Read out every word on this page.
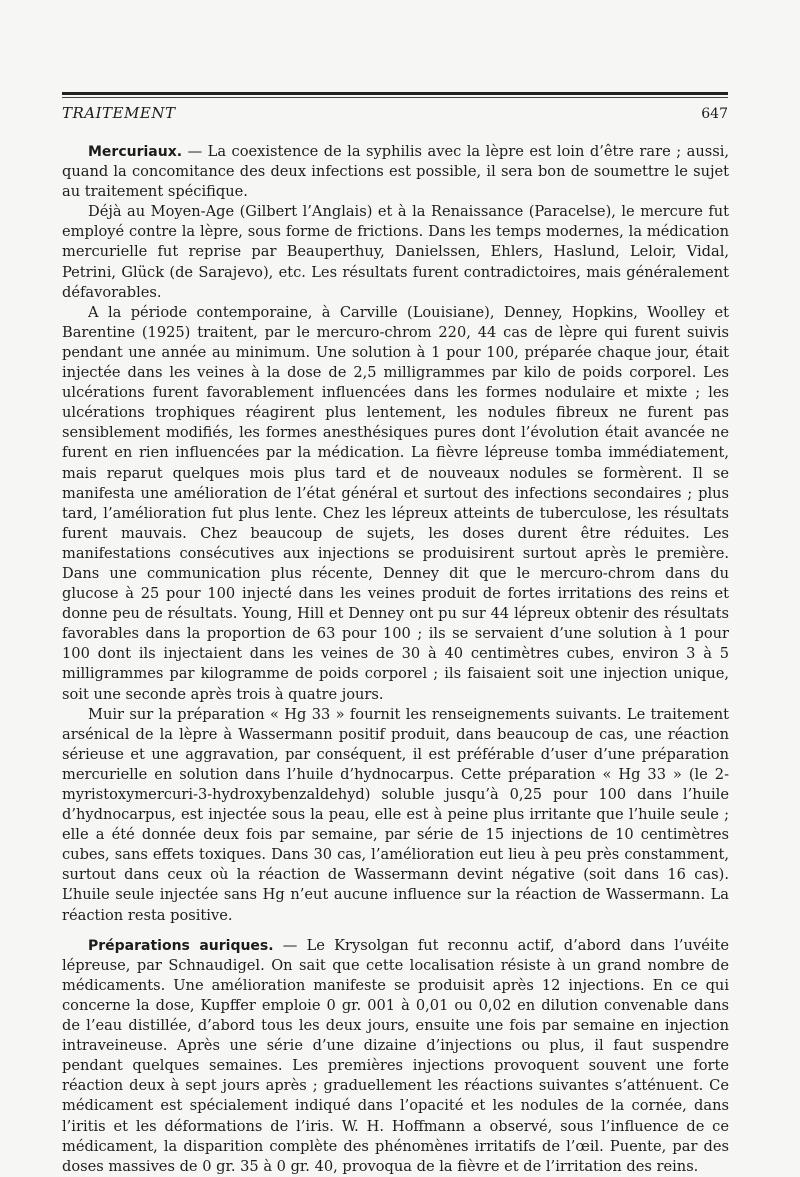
TRAITEMENT	647

Mercuriaux. — La coexistence de la syphilis avec la lèpre est loin d’être rare ; aussi, quand la concomitance des deux infections est possible, il sera bon de soumettre le sujet au traitement spécifique.

Déjà au Moyen-Age (Gilbert l’Anglais) et à la Renaissance (Paracelse), le mercure fut employé contre la lèpre, sous forme de frictions. Dans les temps modernes, la médication mercurielle fut reprise par Beauperthuy, Danielssen, Ehlers, Haslund, Leloir, Vidal, Petrini, Glück (de Sarajevo), etc. Les résultats furent contradictoires, mais généralement défavorables.

A la période contemporaine, à Carville (Louisiane), Denney, Hopkins, Woolley et Barentine (1925) traitent, par le mercuro-chrom 220, 44 cas de lèpre qui furent suivis pendant une année au minimum. Une solution à 1 pour 100, préparée chaque jour, était injectée dans les veines à la dose de 2,5 milligrammes par kilo de poids corporel. Les ulcérations furent favorablement influencées dans les formes nodulaire et mixte ; les ulcérations trophiques réagirent plus lentement, les nodules fibreux ne furent pas sensiblement modifiés, les formes anesthésiques pures dont l’évolution était avancée ne furent en rien influencées par la médication. La fièvre lépreuse tomba immédiatement, mais reparut quelques mois plus tard et de nouveaux nodules se formèrent. Il se manifesta une amélioration de l’état général et surtout des infections secondaires ; plus tard, l’amélioration fut plus lente. Chez les lépreux atteints de tuberculose, les résultats furent mauvais. Chez beaucoup de sujets, les doses durent être réduites. Les manifestations consécutives aux injections se produisirent surtout après le première. Dans une communication plus récente, Denney dit que le mercuro-chrom dans du glucose à 25 pour 100 injecté dans les veines produit de fortes irritations des reins et donne peu de résultats. Young, Hill et Denney ont pu sur 44 lépreux obtenir des résultats favorables dans la proportion de 63 pour 100 ; ils se servaient d’une solution à 1 pour 100 dont ils injectaient dans les veines de 30 à 40 centimètres cubes, environ 3 à 5 milligrammes par kilogramme de poids corporel ; ils faisaient soit une injection unique, soit une seconde après trois à quatre jours.

Muir sur la préparation « Hg 33 » fournit les renseignements suivants. Le traitement arsénical de la lèpre à Wassermann positif produit, dans beaucoup de cas, une réaction sérieuse et une aggravation, par conséquent, il est préférable d’user d’une préparation mercurielle en solution dans l’huile d’hydnocarpus. Cette préparation « Hg 33 » (le 2-myristoxymercuri-3-hydroxybenzaldehyd) soluble jusqu’à 0,25 pour 100 dans l’huile d’hydnocarpus, est injectée sous la peau, elle est à peine plus irritante que l’huile seule ; elle a été donnée deux fois par semaine, par série de 15 injections de 10 centimètres cubes, sans effets toxiques. Dans 30 cas, l’amélioration eut lieu à peu près constamment, surtout dans ceux où la réaction de Wassermann devint négative (soit dans 16 cas). L’huile seule injectée sans Hg n’eut aucune influence sur la réaction de Wassermann. La réaction resta positive.

Préparations auriques. — Le Krysolgan fut reconnu actif, d’abord dans l’uvéite lépreuse, par Schnaudigel. On sait que cette localisation résiste à un grand nombre de médicaments. Une amélioration manifeste se produisit après 12 injections. En ce qui concerne la dose, Kupffer emploie 0 gr. 001 à 0,01 ou 0,02 en dilution convenable dans de l’eau distillée, d’abord tous les deux jours, ensuite une fois par semaine en injection intraveineuse. Après une série d’une dizaine d’injections ou plus, il faut suspendre pendant quelques semaines. Les premières injections provoquent souvent une forte réaction deux à sept jours après ; graduellement les réactions suivantes s’atténuent. Ce médicament est spécialement indiqué dans l’opacité et les nodules de la cornée, dans l’iritis et les déformations de l’iris. W. H. Hoffmann a observé, sous l’influence de ce médicament, la disparition complète des phénomènes irritatifs de l’œil. Puente, par des doses massives de 0 gr. 35 à 0 gr. 40, provoqua de la fièvre et de l’irritation des reins.
